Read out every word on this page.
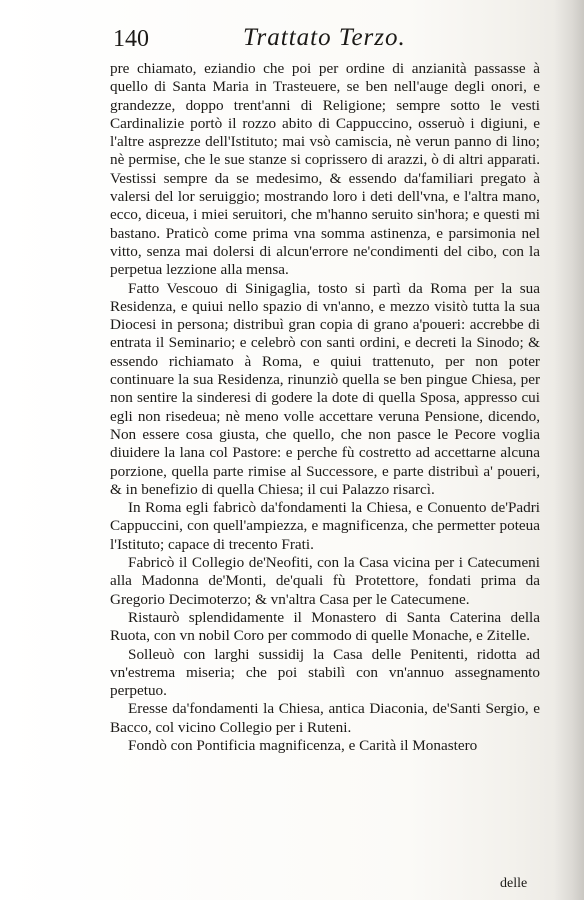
140	Trattato Terzo.

pre chiamato, eziandio che poi per ordine di anzianità passasse à quello di Santa Maria in Trasteuere, se ben nell'auge degli onori, e grandezze, doppo trent'anni di Religione; sempre sotto le vesti Cardinalizie portò il rozzo abito di Cappuccino, osseruò i digiuni, e l'altre asprezze dell'Istituto; mai vsò camiscia, nè verun panno di lino; nè permise, che le sue stanze si coprissero di arazzi, ò di altri apparati. Vestissi sempre da se medesimo, & essendo da'familiari pregato à valersi del lor seruiggio; mostrando loro i deti dell'vna, e l'altra mano, ecco, diceua, i miei seruitori, che m'hanno seruito sin'hora; e questi mi bastano. Praticò come prima vna somma astinenza, e parsimonia nel vitto, senza mai dolersi di alcun'errore ne'condimenti del cibo, con la perpetua lezzione alla mensa.

Fatto Vescouo di Sinigaglia, tosto si partì da Roma per la sua Residenza, e quiui nello spazio di vn'anno, e mezzo visitò tutta la sua Diocesi in persona; distribuì gran copia di grano a'poueri: accrebbe di entrata il Seminario; e celebrò con santi ordini, e decreti la Sinodo; & essendo richiamato à Roma, e quiui trattenuto, per non poter continuare la sua Residenza, rinunziò quella se ben pingue Chiesa, per non sentire la sinderesi di godere la dote di quella Sposa, appresso cui egli non risedeua; nè meno volle accettare veruna Pensione, dicendo, Non essere cosa giusta, che quello, che non pasce le Pecore voglia diuidere la lana col Pastore: e perche fù costretto ad accettarne alcuna porzione, quella parte rimise al Successore, e parte distribuì a' poueri, & in benefizio di quella Chiesa; il cui Palazzo risarcì.

In Roma egli fabricò da'fondamenti la Chiesa, e Conuento de'Padri Cappuccini, con quell'ampiezza, e magnificenza, che permetter poteua l'Istituto; capace di trecento Frati.

Fabricò il Collegio de'Neofiti, con la Casa vicina per i Catecumeni alla Madonna de'Monti, de'quali fù Protettore, fondati prima da Gregorio Decimoterzo; & vn'altra Casa per le Catecumene.

Ristaurò splendidamente il Monastero di Santa Caterina della Ruota, con vn nobil Coro per commodo di quelle Monache, e Zitelle.

Solleuò con larghi sussidij la Casa delle Penitenti, ridotta ad vn'estrema miseria; che poi stabilì con vn'annuo assegnamento perpetuo.

Eresse da'fondamenti la Chiesa, antica Diaconia, de'Santi Sergio, e Bacco, col vicino Collegio per i Ruteni.

Fondò con Pontificia magnificenza, e Carità il Monastero

delle
